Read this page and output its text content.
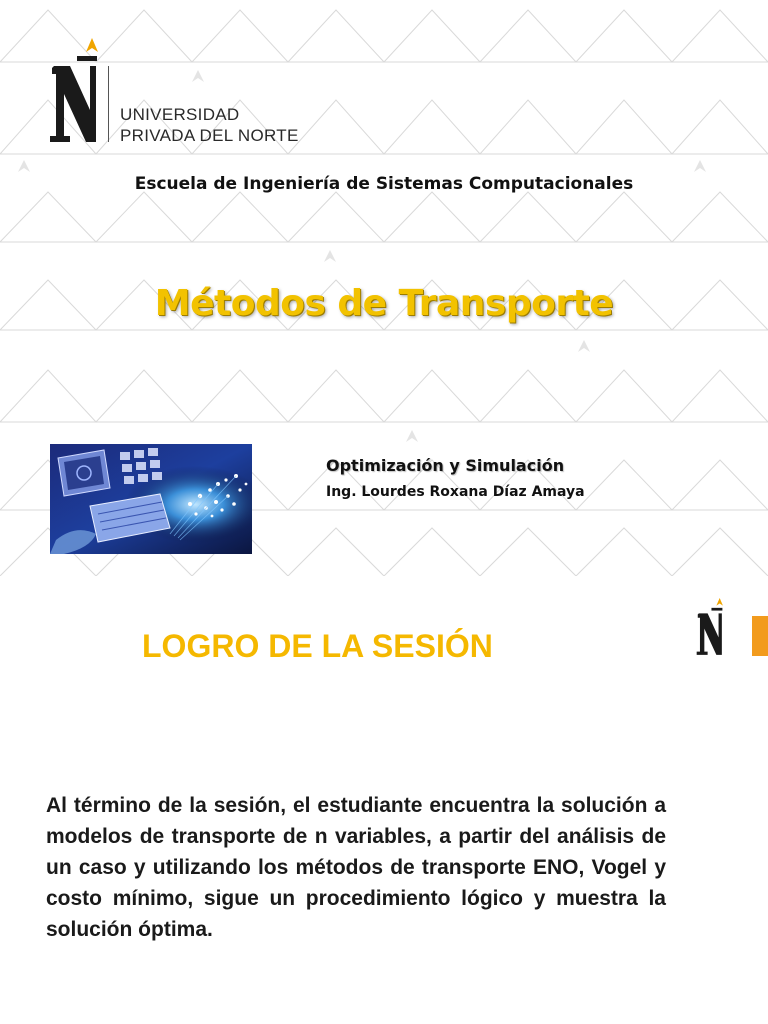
UNIVERSIDAD
PRIVADA DEL NORTE
Escuela de Ingeniería de Sistemas Computacionales
Métodos de Transporte
Optimización y Simulación
Ing. Lourdes Roxana Díaz Amaya
LOGRO DE LA SESIÓN

Al término de la sesión, el estudiante encuentra la solución a modelos de transporte de n variables, a partir del análisis de un caso y utilizando los métodos de transporte ENO, Vogel y costo mínimo, sigue un procedimiento lógico y muestra la solución óptima.
